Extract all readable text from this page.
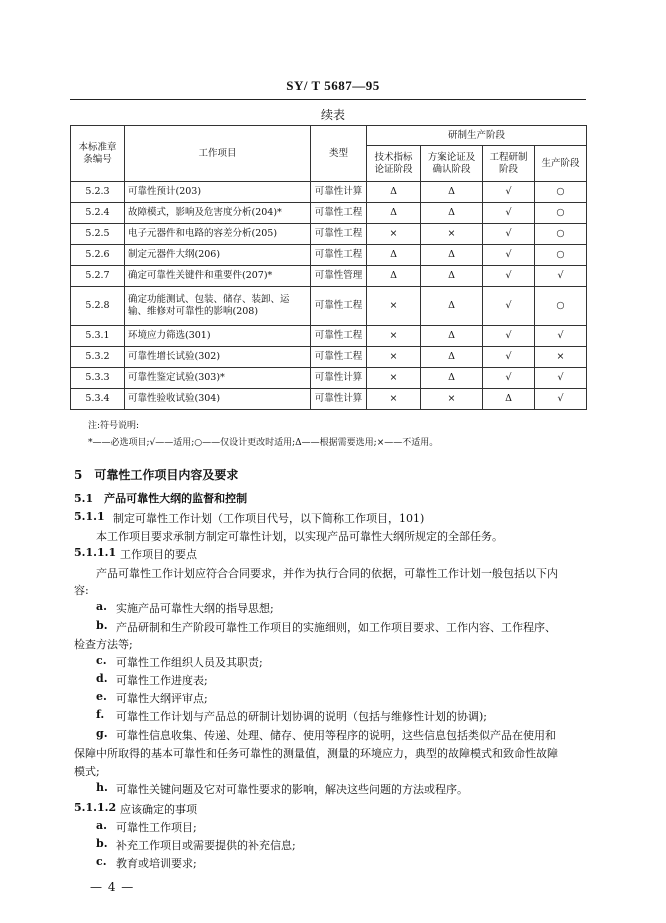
SY/ T 5687—95
续表
本标准章条编号	工作项目	类型	研制生产阶段			
			技术指标论证阶段	方案论证及确认阶段	工程研制阶段	生产阶段
5.2.3	可靠性预计(203)	可靠性计算	Δ	Δ	√	○
5.2.4	故障模式，影响及危害度分析(204)*	可靠性工程	Δ	Δ	√	○
5.2.5	电子元器件和电路的容差分析(205)	可靠性工程	×	×	√	○
5.2.6	制定元器件大纲(206)	可靠性工程	Δ	Δ	√	○
5.2.7	确定可靠性关键件和重要件(207)*	可靠性管理	Δ	Δ	√	√
5.2.8	确定功能测试、包装、储存、装卸、运输、维修对可靠性的影响(208)	可靠性工程	×	Δ	√	○
5.3.1	环境应力筛选(301)	可靠性工程	×	Δ	√	√
5.3.2	可靠性增长试验(302)	可靠性工程	×	Δ	√	×
5.3.3	可靠性鉴定试验(303)*	可靠性计算	×	Δ	√	√
5.3.4	可靠性验收试验(304)	可靠性计算	×	×	Δ	√
注:符号说明:
*——必选项目;√——适用;○——仅设计更改时适用;Δ——根据需要选用;×——不适用。
5　可靠性工作项目内容及要求
5.1　产品可靠性大纲的监督和控制
5.1.1 制定可靠性工作计划（工作项目代号，以下简称工作项目，101)
本工作项目要求承制方制定可靠性计划，以实现产品可靠性大纲所规定的全部任务。
5.1.1.1 工作项目的要点
产品可靠性工作计划应符合合同要求，并作为执行合同的依据，可靠性工作计划一般包括以下内
容:
a. 实施产品可靠性大纲的指导思想;
b. 产品研制和生产阶段可靠性工作项目的实施细则，如工作项目要求、工作内容、工作程序、
检查方法等;
c. 可靠性工作组织人员及其职责;
d. 可靠性工作进度表;
e. 可靠性大纲评审点;
f. 可靠性工作计划与产品总的研制计划协调的说明（包括与维修性计划的协调);
g. 可靠性信息收集、传递、处理、储存、使用等程序的说明，这些信息包括类似产品在使用和
保障中所取得的基本可靠性和任务可靠性的测量值，测量的环境应力，典型的故障模式和致命性故障
模式;
h. 可靠性关键问题及它对可靠性要求的影响，解决这些问题的方法或程序。
5.1.1.2 应该确定的事项
a. 可靠性工作项目;
b. 补充工作项目或需要提供的补充信息;
c. 教育或培训要求;
— 4 —
